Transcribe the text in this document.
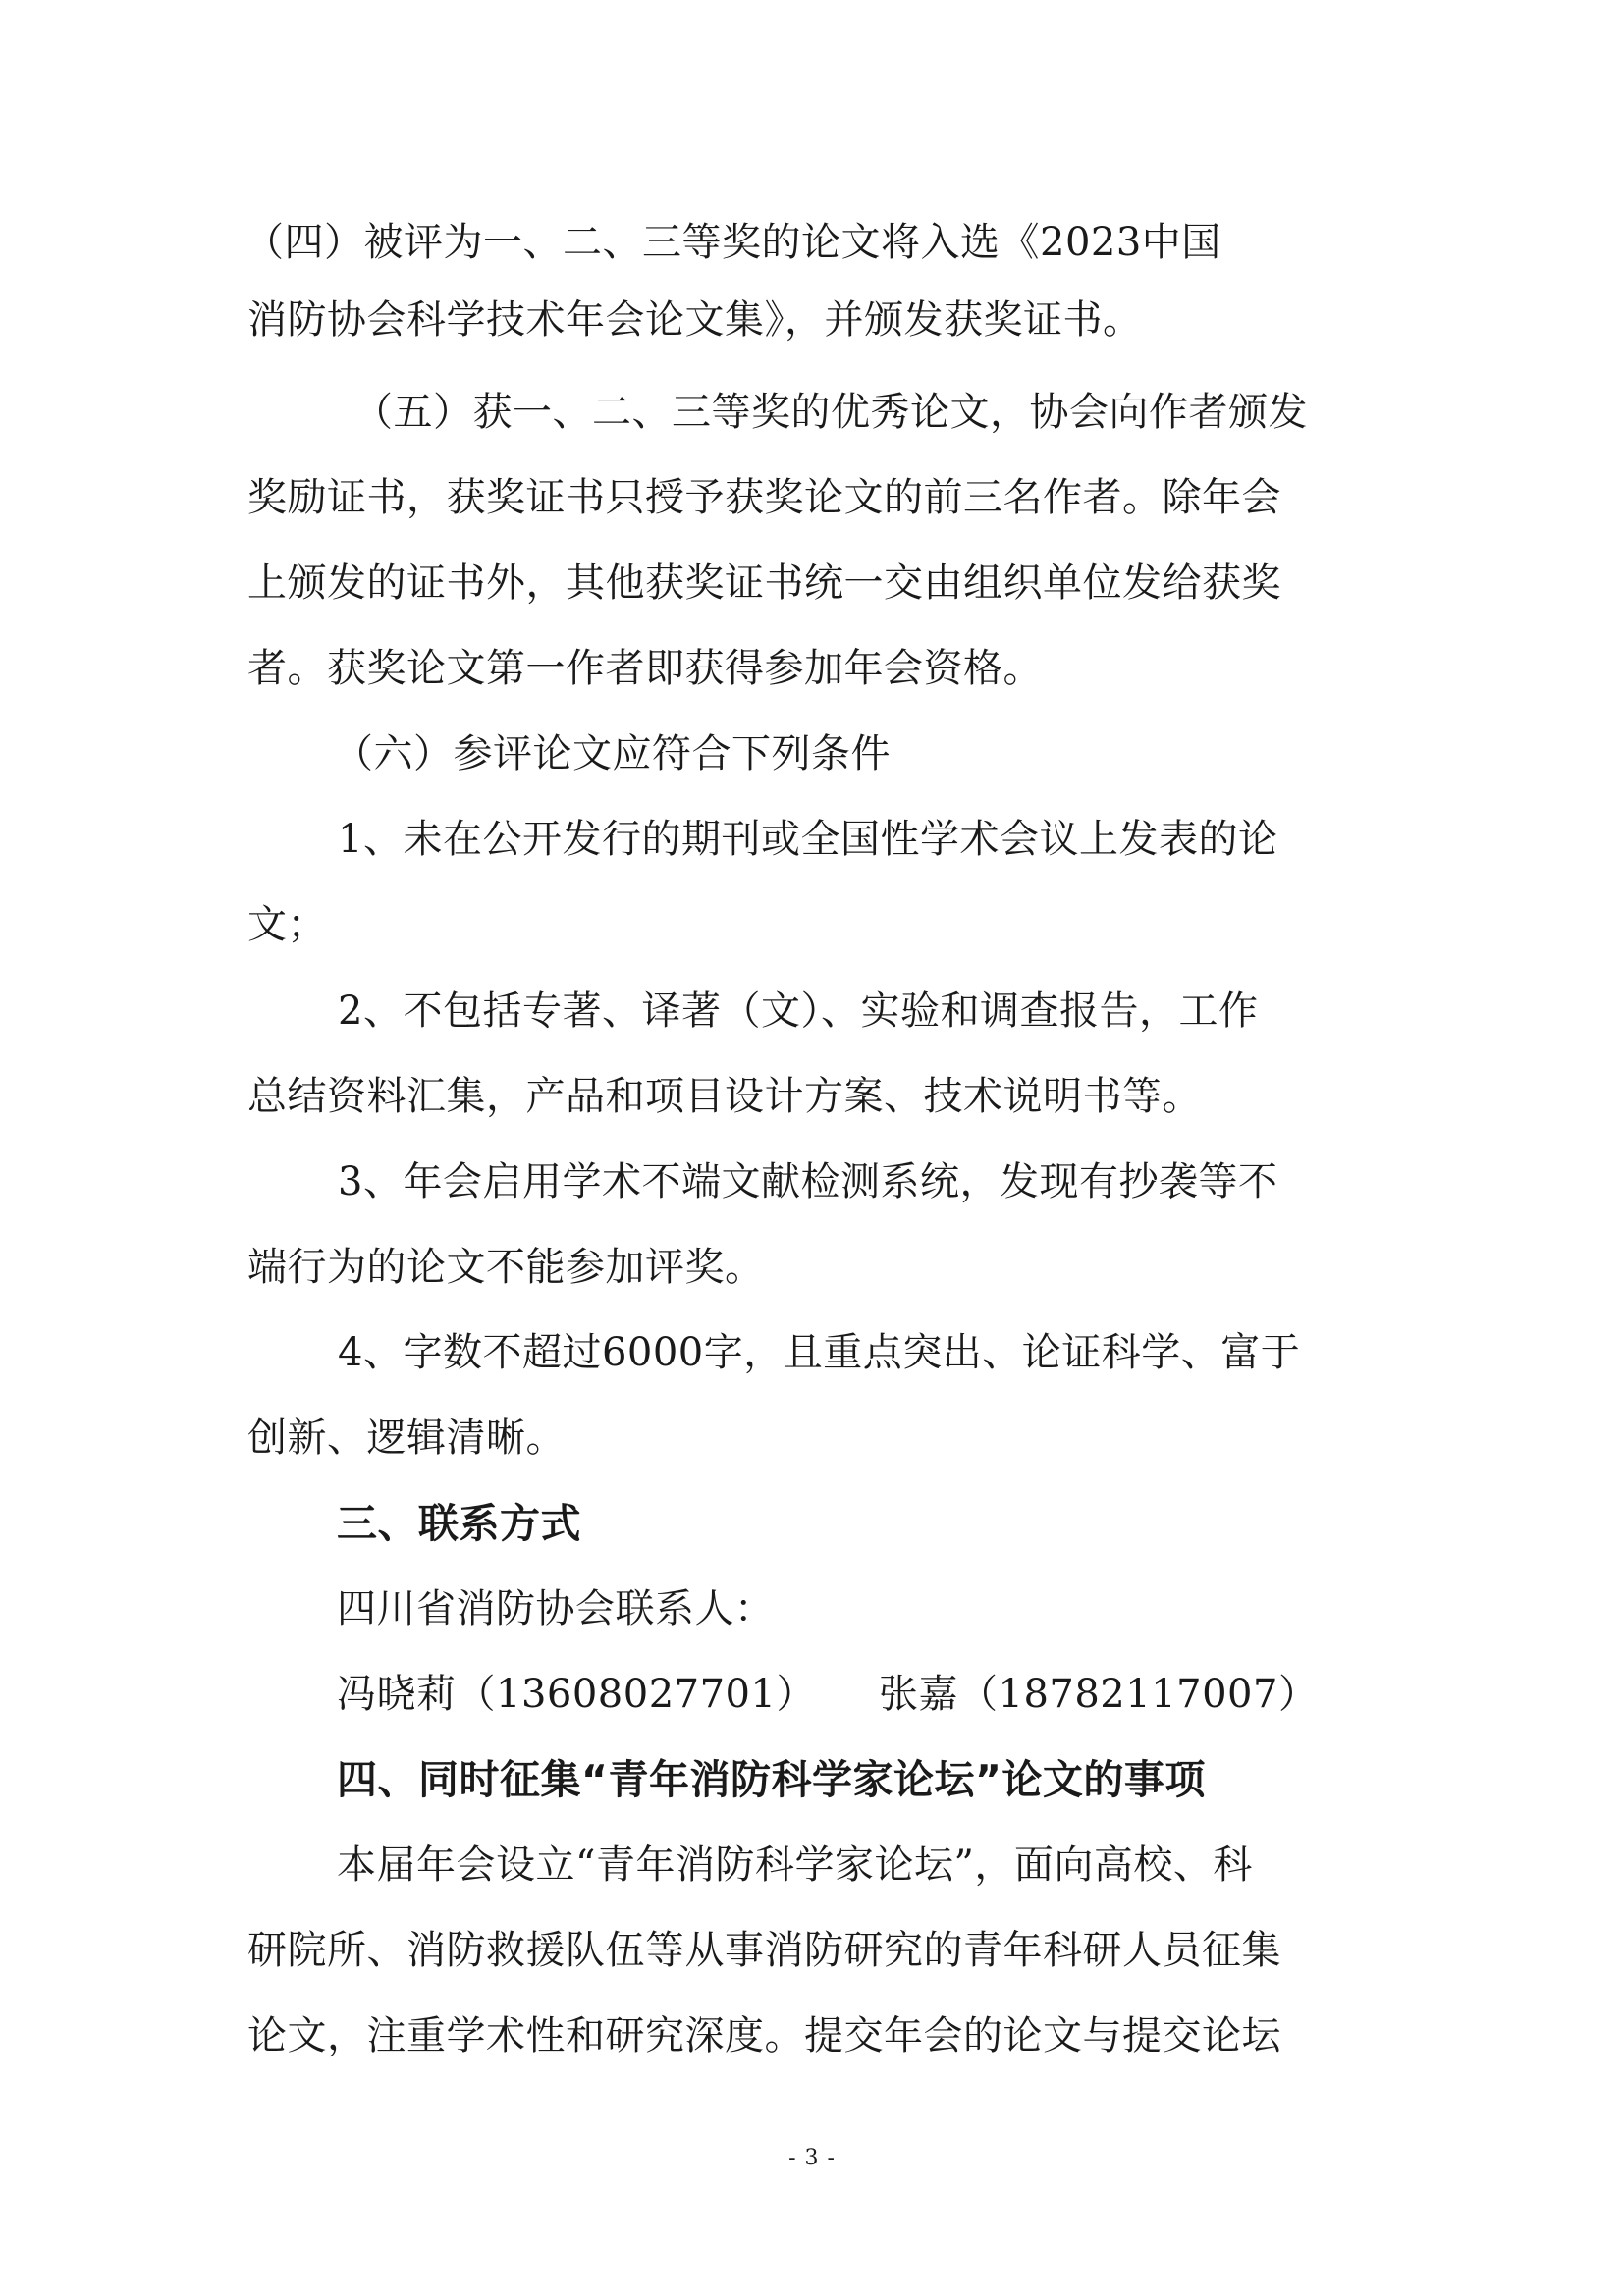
（四）被评为一、二、三等奖的论文将入选《2023中国
消防协会科学技术年会论文集》，并颁发获奖证书。
（五）获一、二、三等奖的优秀论文，协会向作者颁发
奖励证书，获奖证书只授予获奖论文的前三名作者。除年会
上颁发的证书外，其他获奖证书统一交由组织单位发给获奖
者。获奖论文第一作者即获得参加年会资格。
（六）参评论文应符合下列条件
1、未在公开发行的期刊或全国性学术会议上发表的论
文；
2、不包括专著、译著（文）、实验和调查报告，工作
总结资料汇集，产品和项目设计方案、技术说明书等。
3、年会启用学术不端文献检测系统，发现有抄袭等不
端行为的论文不能参加评奖。
4、字数不超过6000字，且重点突出、论证科学、富于
创新、逻辑清晰。
三、联系方式
四川省消防协会联系人：
冯晓莉（13608027701） 张嘉（18782117007）
四、同时征集“青年消防科学家论坛”论文的事项
本届年会设立“青年消防科学家论坛”，面向高校、科
研院所、消防救援队伍等从事消防研究的青年科研人员征集
论文，注重学术性和研究深度。提交年会的论文与提交论坛
- 3 -
